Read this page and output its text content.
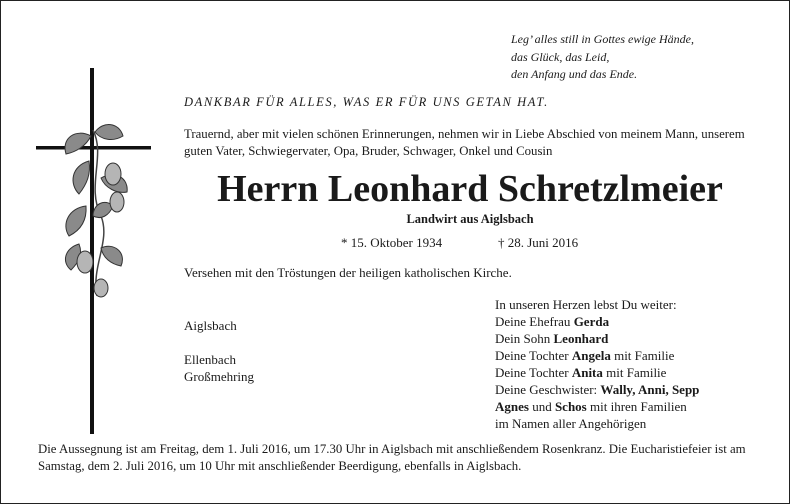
Leg’ alles still in Gottes ewige Hände,
das Glück, das Leid,
den Anfang und das Ende.
DANKBAR FÜR ALLES, WAS ER FÜR UNS GETAN HAT.
Trauernd, aber mit vielen schönen Erinnerungen, nehmen wir in Liebe Abschied von meinem Mann, unserem guten Vater, Schwiegervater, Opa, Bruder, Schwager, Onkel und Cousin
Herrn Leonhard Schretzlmeier
Landwirt aus Aiglsbach
* 15. Oktober 1934	† 28. Juni 2016
Versehen mit den Tröstungen der heiligen katholischen Kirche.
Aiglsbach
Ellenbach
Großmehring
In unseren Herzen lebst Du weiter:
Deine Ehefrau Gerda
Dein Sohn Leonhard
Deine Tochter Angela mit Familie
Deine Tochter Anita mit Familie
Deine Geschwister: Wally, Anni, Sepp
Agnes und Schos mit ihren Familien
im Namen aller Angehörigen
Die Aussegnung ist am Freitag, dem 1. Juli 2016, um 17.30 Uhr in Aiglsbach mit anschließendem Rosenkranz. Die Eucharistiefeier ist am Samstag, dem 2. Juli 2016, um 10 Uhr mit anschließender Beerdigung, ebenfalls in Aiglsbach.
